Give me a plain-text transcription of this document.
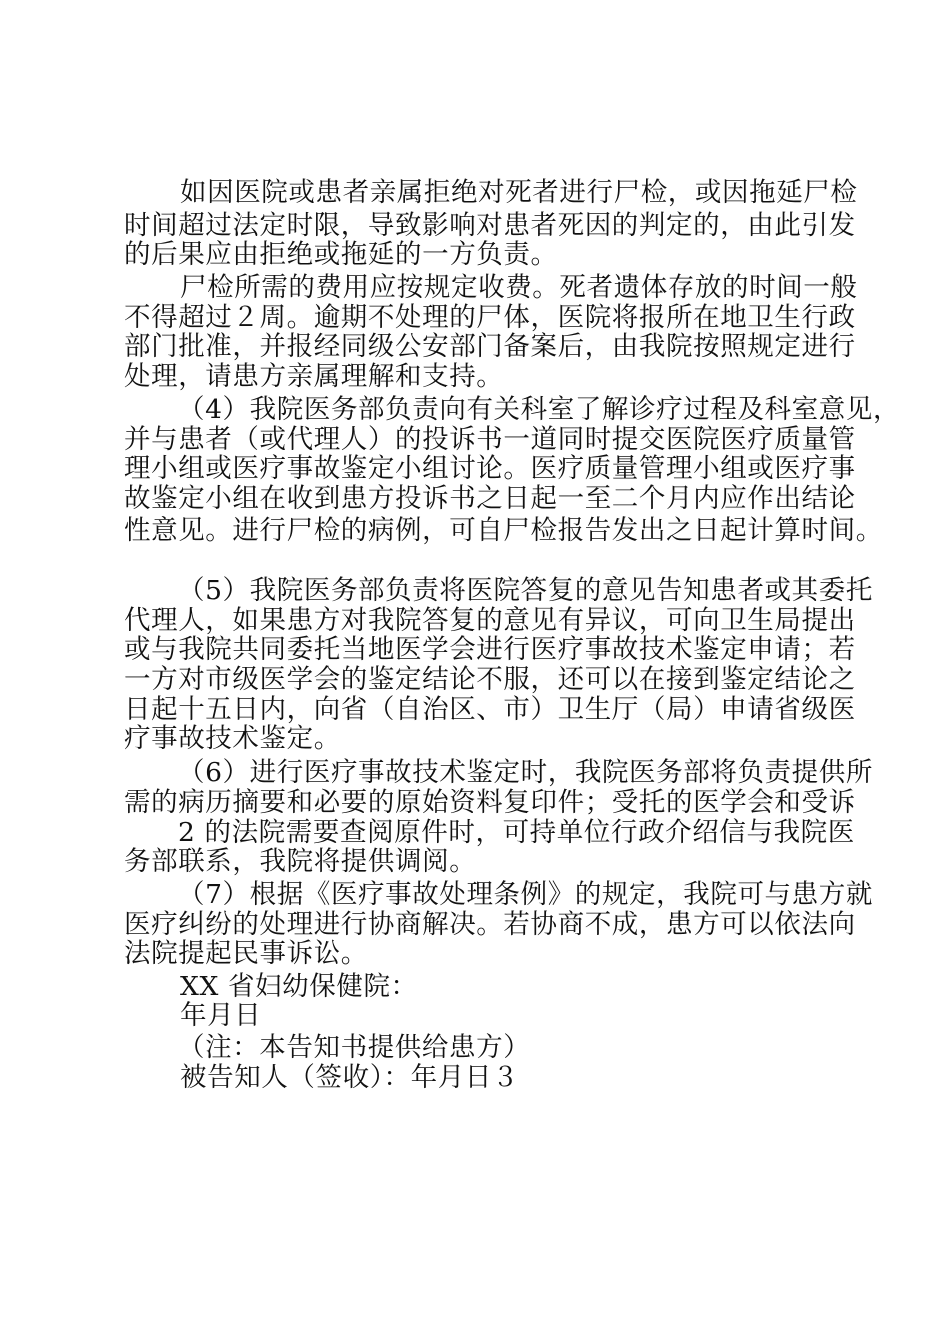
如因医院或患者亲属拒绝对死者进行尸检，或因拖延尸检
时间超过法定时限，导致影响对患者死因的判定的，由此引发
的后果应由拒绝或拖延的一方负责。
尸检所需的费用应按规定收费。死者遗体存放的时间一般
不得超过２周。逾期不处理的尸体，医院将报所在地卫生行政
部门批准，并报经同级公安部门备案后，由我院按照规定进行
处理，请患方亲属理解和支持。
（4）我院医务部负责向有关科室了解诊疗过程及科室意见，
并与患者（或代理人）的投诉书一道同时提交医院医疗质量管
理小组或医疗事故鉴定小组讨论。医疗质量管理小组或医疗事
故鉴定小组在收到患方投诉书之日起一至二个月内应作出结论
性意见。进行尸检的病例，可自尸检报告发出之日起计算时间。
（5）我院医务部负责将医院答复的意见告知患者或其委托
代理人，如果患方对我院答复的意见有异议，可向卫生局提出
或与我院共同委托当地医学会进行医疗事故技术鉴定申请；若
一方对市级医学会的鉴定结论不服，还可以在接到鉴定结论之
日起十五日内，向省（自治区、市）卫生厅（局）申请省级医
疗事故技术鉴定。
（6）进行医疗事故技术鉴定时，我院医务部将负责提供所
需的病历摘要和必要的原始资料复印件；受托的医学会和受诉
2 的法院需要查阅原件时，可持单位行政介绍信与我院医
务部联系，我院将提供调阅。
（7）根据《医疗事故处理条例》的规定，我院可与患方就
医疗纠纷的处理进行协商解决。若协商不成，患方可以依法向
法院提起民事诉讼。
XX 省妇幼保健院：
年月日
（注：本告知书提供给患方）
被告知人（签收）：年月日３
